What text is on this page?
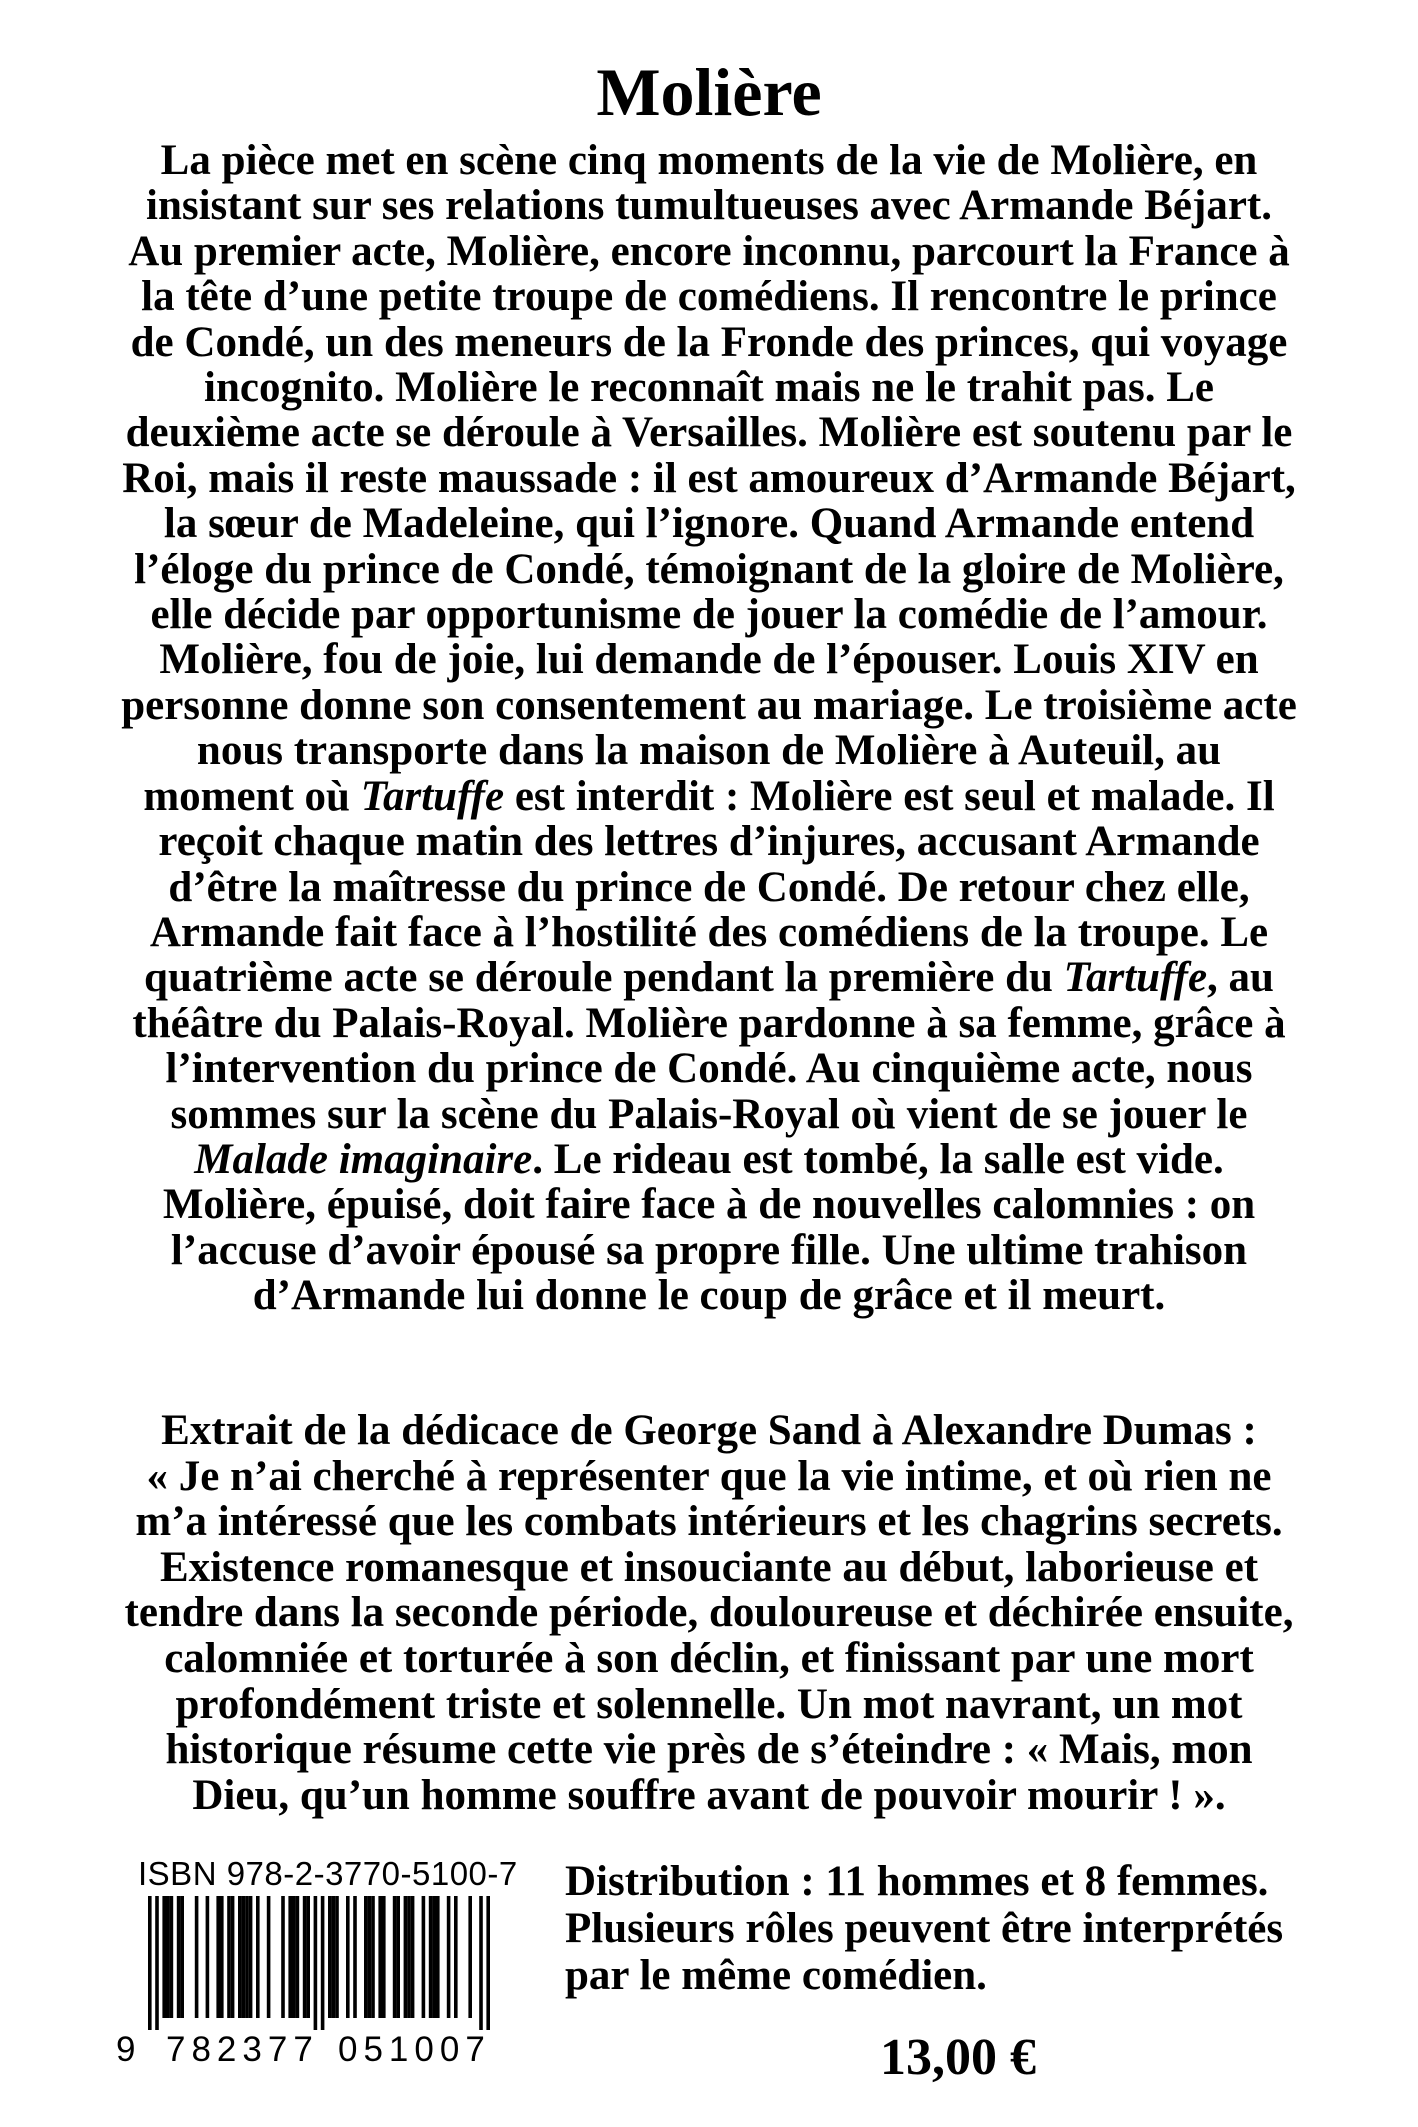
Molière
La pièce met en scène cinq moments de la vie de Molière, en
insistant sur ses relations tumultueuses avec Armande Béjart.
Au premier acte, Molière, encore inconnu, parcourt la France à
la tête d’une petite troupe de comédiens. Il rencontre le prince
de Condé, un des meneurs de la Fronde des princes, qui voyage
incognito. Molière le reconnaît mais ne le trahit pas. Le
deuxième acte se déroule à Versailles. Molière est soutenu par le
Roi, mais il reste maussade : il est amoureux d’Armande Béjart,
la sœur de Madeleine, qui l’ignore. Quand Armande entend
l’éloge du prince de Condé, témoignant de la gloire de Molière,
elle décide par opportunisme de jouer la comédie de l’amour.
Molière, fou de joie, lui demande de l’épouser. Louis XIV en
personne donne son consentement au mariage. Le troisième acte
nous transporte dans la maison de Molière à Auteuil, au
moment où Tartuffe est interdit : Molière est seul et malade. Il
reçoit chaque matin des lettres d’injures, accusant Armande
d’être la maîtresse du prince de Condé. De retour chez elle,
Armande fait face à l’hostilité des comédiens de la troupe. Le
quatrième acte se déroule pendant la première du Tartuffe, au
théâtre du Palais-Royal. Molière pardonne à sa femme, grâce à
l’intervention du prince de Condé. Au cinquième acte, nous
sommes sur la scène du Palais-Royal où vient de se jouer le
Malade imaginaire. Le rideau est tombé, la salle est vide.
Molière, épuisé, doit faire face à de nouvelles calomnies : on
l’accuse d’avoir épousé sa propre fille. Une ultime trahison
d’Armande lui donne le coup de grâce et il meurt.
Extrait de la dédicace de George Sand à Alexandre Dumas :
« Je n’ai cherché à représenter que la vie intime, et où rien ne
m’a intéressé que les combats intérieurs et les chagrins secrets.
Existence romanesque et insouciante au début, laborieuse et
tendre dans la seconde période, douloureuse et déchirée ensuite,
calomniée et torturée à son déclin, et finissant par une mort
profondément triste et solennelle. Un mot navrant, un mot
historique résume cette vie près de s’éteindre : « Mais, mon
Dieu, qu’un homme souffre avant de pouvoir mourir ! ».
ISBN 978-2-3770-5100-7
9 782377 051007
Distribution : 11 hommes et 8 femmes.
Plusieurs rôles peuvent être interprétés
par le même comédien.
13,00 €
